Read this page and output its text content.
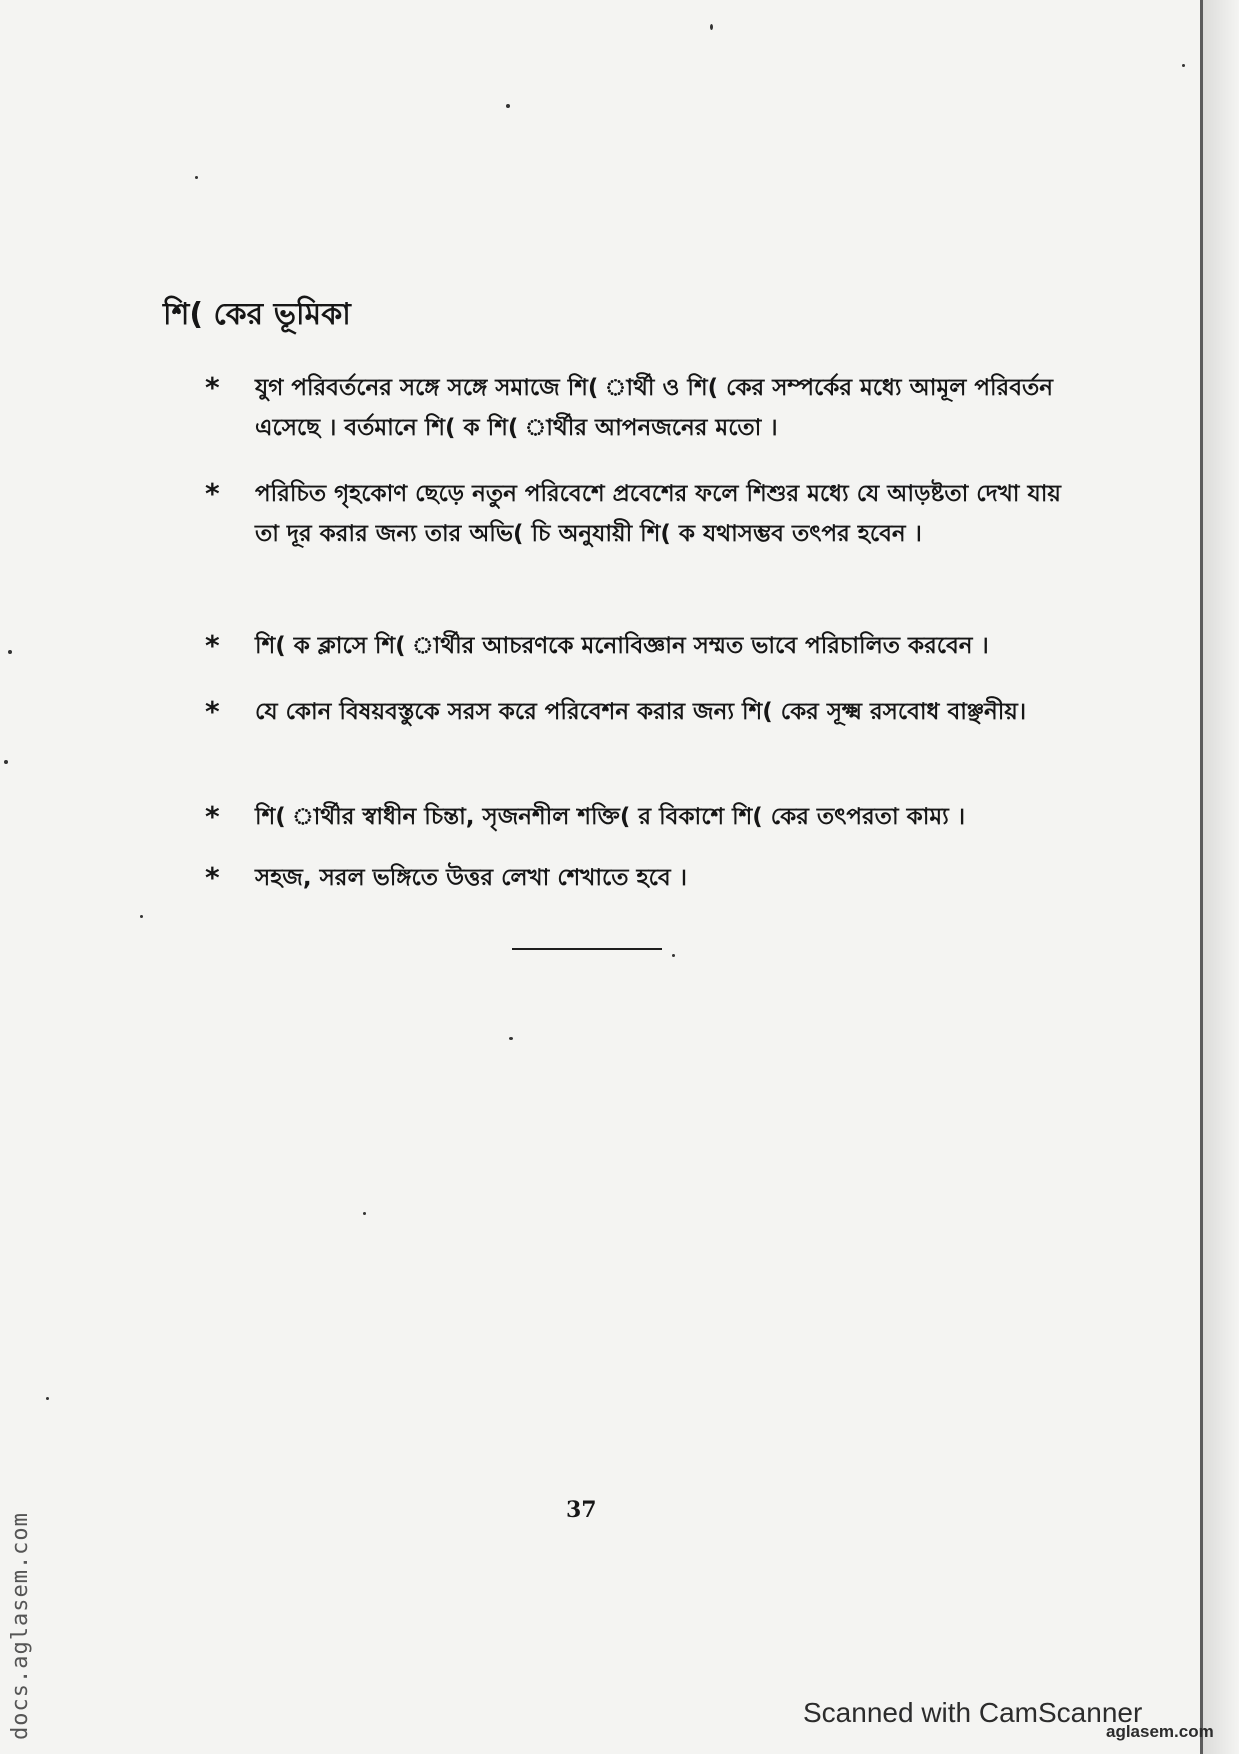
শি( কের ভূমিকা
* যুগ পরিবর্তনের সঙ্গে সঙ্গে সমাজে শি( ার্থী ও শি( কের সম্পর্কের মধ্যে আমূল পরিবর্তন এসেছে । বর্তমানে শি( ক শি( ার্থীর আপনজনের মতো ।
* পরিচিত গৃহকোণ ছেড়ে নতুন পরিবেশে প্রবেশের ফলে শিশুর মধ্যে যে আড়ষ্টতা দেখা যায় তা দূর করার জন্য তার অভি( চি অনুযায়ী শি( ক যথাসম্ভব তৎপর হবেন ।
* শি( ক ক্লাসে শি( ার্থীর আচরণকে মনোবিজ্ঞান সম্মত ভাবে পরিচালিত করবেন ।
* যে কোন বিষয়বস্তুকে সরস করে পরিবেশন করার জন্য শি( কের সূক্ষ্ম রসবোধ বাঞ্ছনীয়।
* শি( ার্থীর স্বাধীন চিন্তা, সৃজনশীল শক্তি( র বিকাশে শি( কের তৎপরতা কাম্য ।
* সহজ, সরল ভঙ্গিতে উত্তর লেখা শেখাতে হবে ।
37
docs.aglasem.com	Scanned with CamScanner
aglasem.com
